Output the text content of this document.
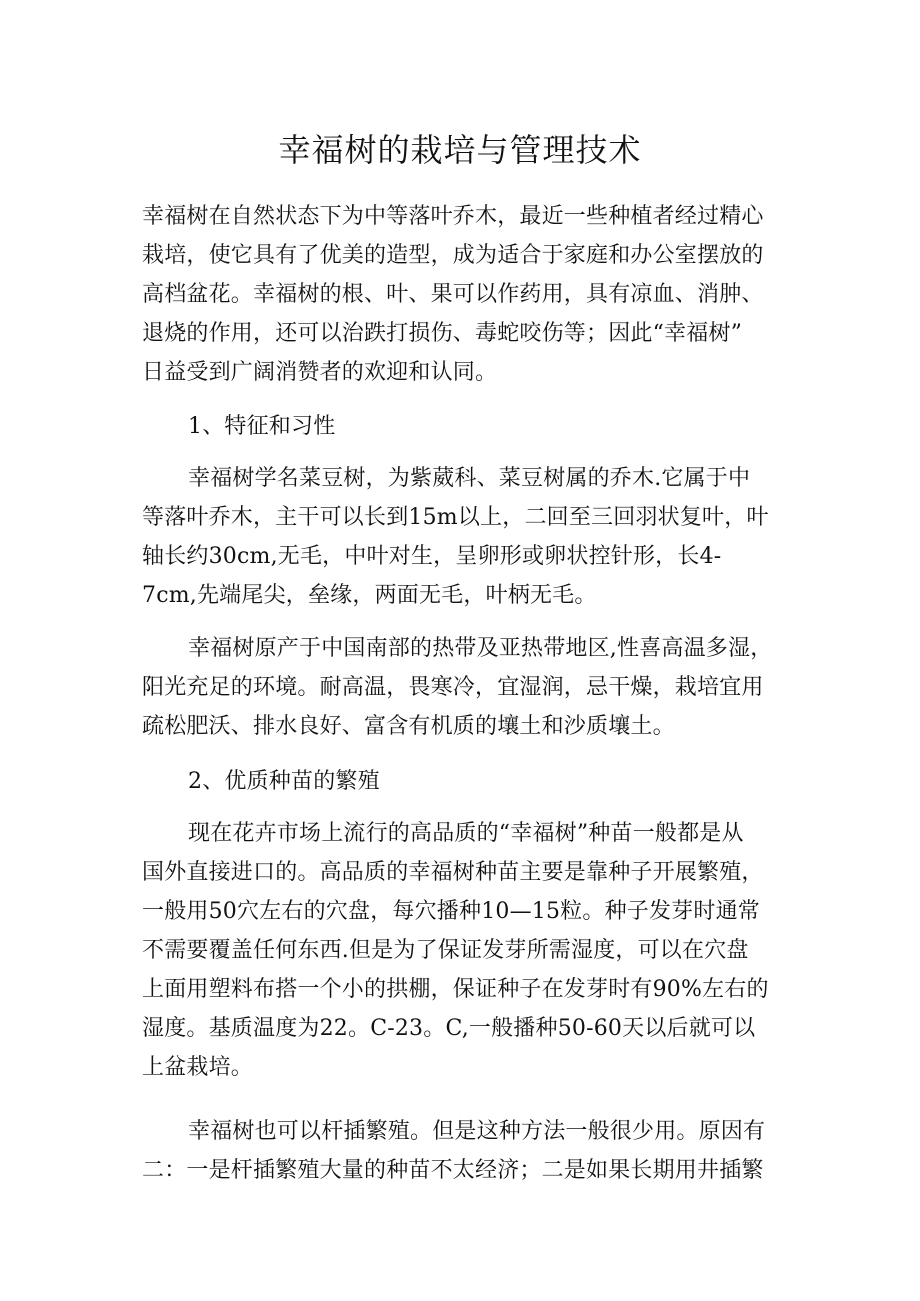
幸福树的栽培与管理技术
幸福树在自然状态下为中等落叶乔木，最近一些种植者经过精心
栽培，使它具有了优美的造型，成为适合于家庭和办公室摆放的
高档盆花。幸福树的根、叶、果可以作药用，具有凉血、消肿、
退烧的作用，还可以治跌打损伤、毒蛇咬伤等；因此“幸福树”
日益受到广阔消赞者的欢迎和认同。
1、特征和习性
幸福树学名菜豆树，为紫葳科、菜豆树属的乔木.它属于中
等落叶乔木，主干可以长到15m以上，二回至三回羽状复叶，叶
轴长约30cm,无毛，中叶对生，呈卵形或卵状控针形，长4-
7cm,先端尾尖，垒缘，两面无毛，叶柄无毛。
幸福树原产于中国南部的热带及亚热带地区,性喜高温多湿，
阳光充足的环境。耐高温，畏寒冷，宜湿润，忌干燥，栽培宜用
疏松肥沃、排水良好、富含有机质的壤土和沙质壤土。
2、优质种苗的繁殖
现在花卉市场上流行的高品质的“幸福树”种苗一般都是从
国外直接进口的。高品质的幸福树种苗主要是靠种子开展繁殖，
一般用50穴左右的穴盘，每穴播种10—15粒。种子发芽时通常
不需要覆盖任何东西.但是为了保证发芽所需湿度，可以在穴盘
上面用塑料布搭一个小的拱棚，保证种子在发芽时有90%左右的
湿度。基质温度为22。C-23。C,一般播种50-60天以后就可以
上盆栽培。
幸福树也可以杆插繁殖。但是这种方法一般很少用。原因有
二：一是杆插繁殖大量的种苗不太经济；二是如果长期用井插繁
